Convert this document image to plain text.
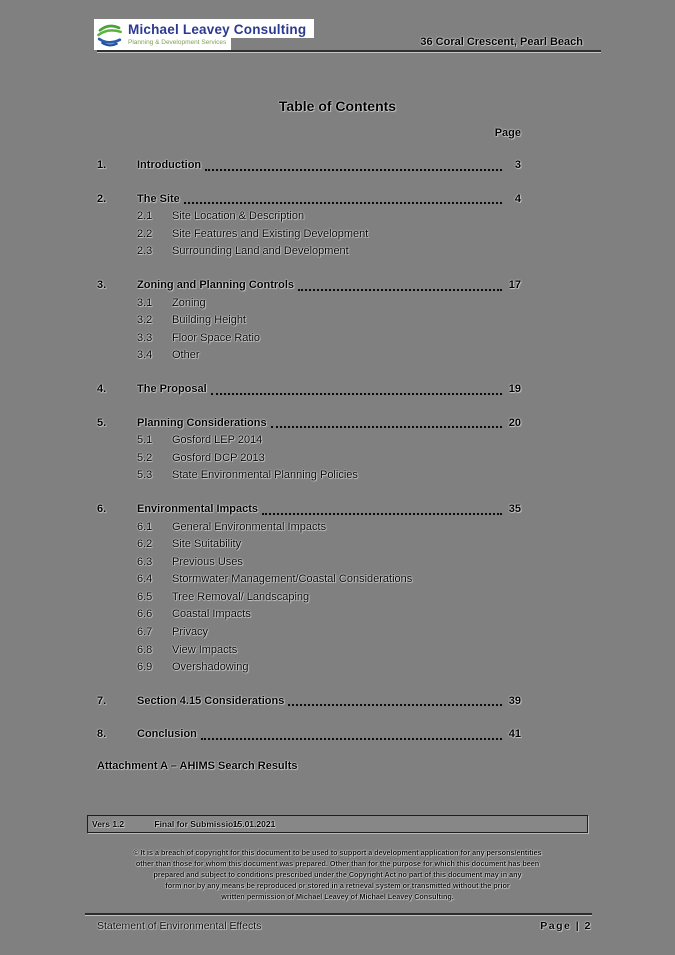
Michael Leavey Consulting
Planning & Development Services	36 Coral Crescent, Pearl Beach
Table of Contents
Page
1.	Introduction	3
2.	The Site	4
2.1	Site Location & Description
2.2	Site Features and Existing Development
2.3	Surrounding Land and Development
3.	Zoning and Planning Controls	17
3.1	Zoning
3.2	Building Height
3.3	Floor Space Ratio
3.4	Other
4.	The Proposal	19
5.	Planning Considerations	20
5.1	Gosford LEP 2014
5.2	Gosford DCP 2013
5.3	State Environmental Planning Policies
6.	Environmental Impacts	35
6.1	General Environmental Impacts
6.2	Site Suitability
6.3	Previous Uses
6.4	Stormwater Management/Coastal Considerations
6.5	Tree Removal/ Landscaping
6.6	Coastal Impacts
6.7	Privacy
6.8	View Impacts
6.9	Overshadowing
7.	Section 4.15 Considerations	39
8.	Conclusion	41
Attachment A – AHIMS Search Results
Vers 1.2	Final for Submission 15.01.2021
© It is a breach of copyright for this document to be used to support a development application for any persons/entities
other than those for whom this document was prepared. Other than for the purpose for which this document has been
prepared and subject to conditions prescribed under the Copyright Act no part of this document may in any
form nor by any means be reproduced or stored in a retrieval system or transmitted without the prior
written permission of Michael Leavey of Michael Leavey Consulting.
Statement of Environmental Effects	Page | 2
